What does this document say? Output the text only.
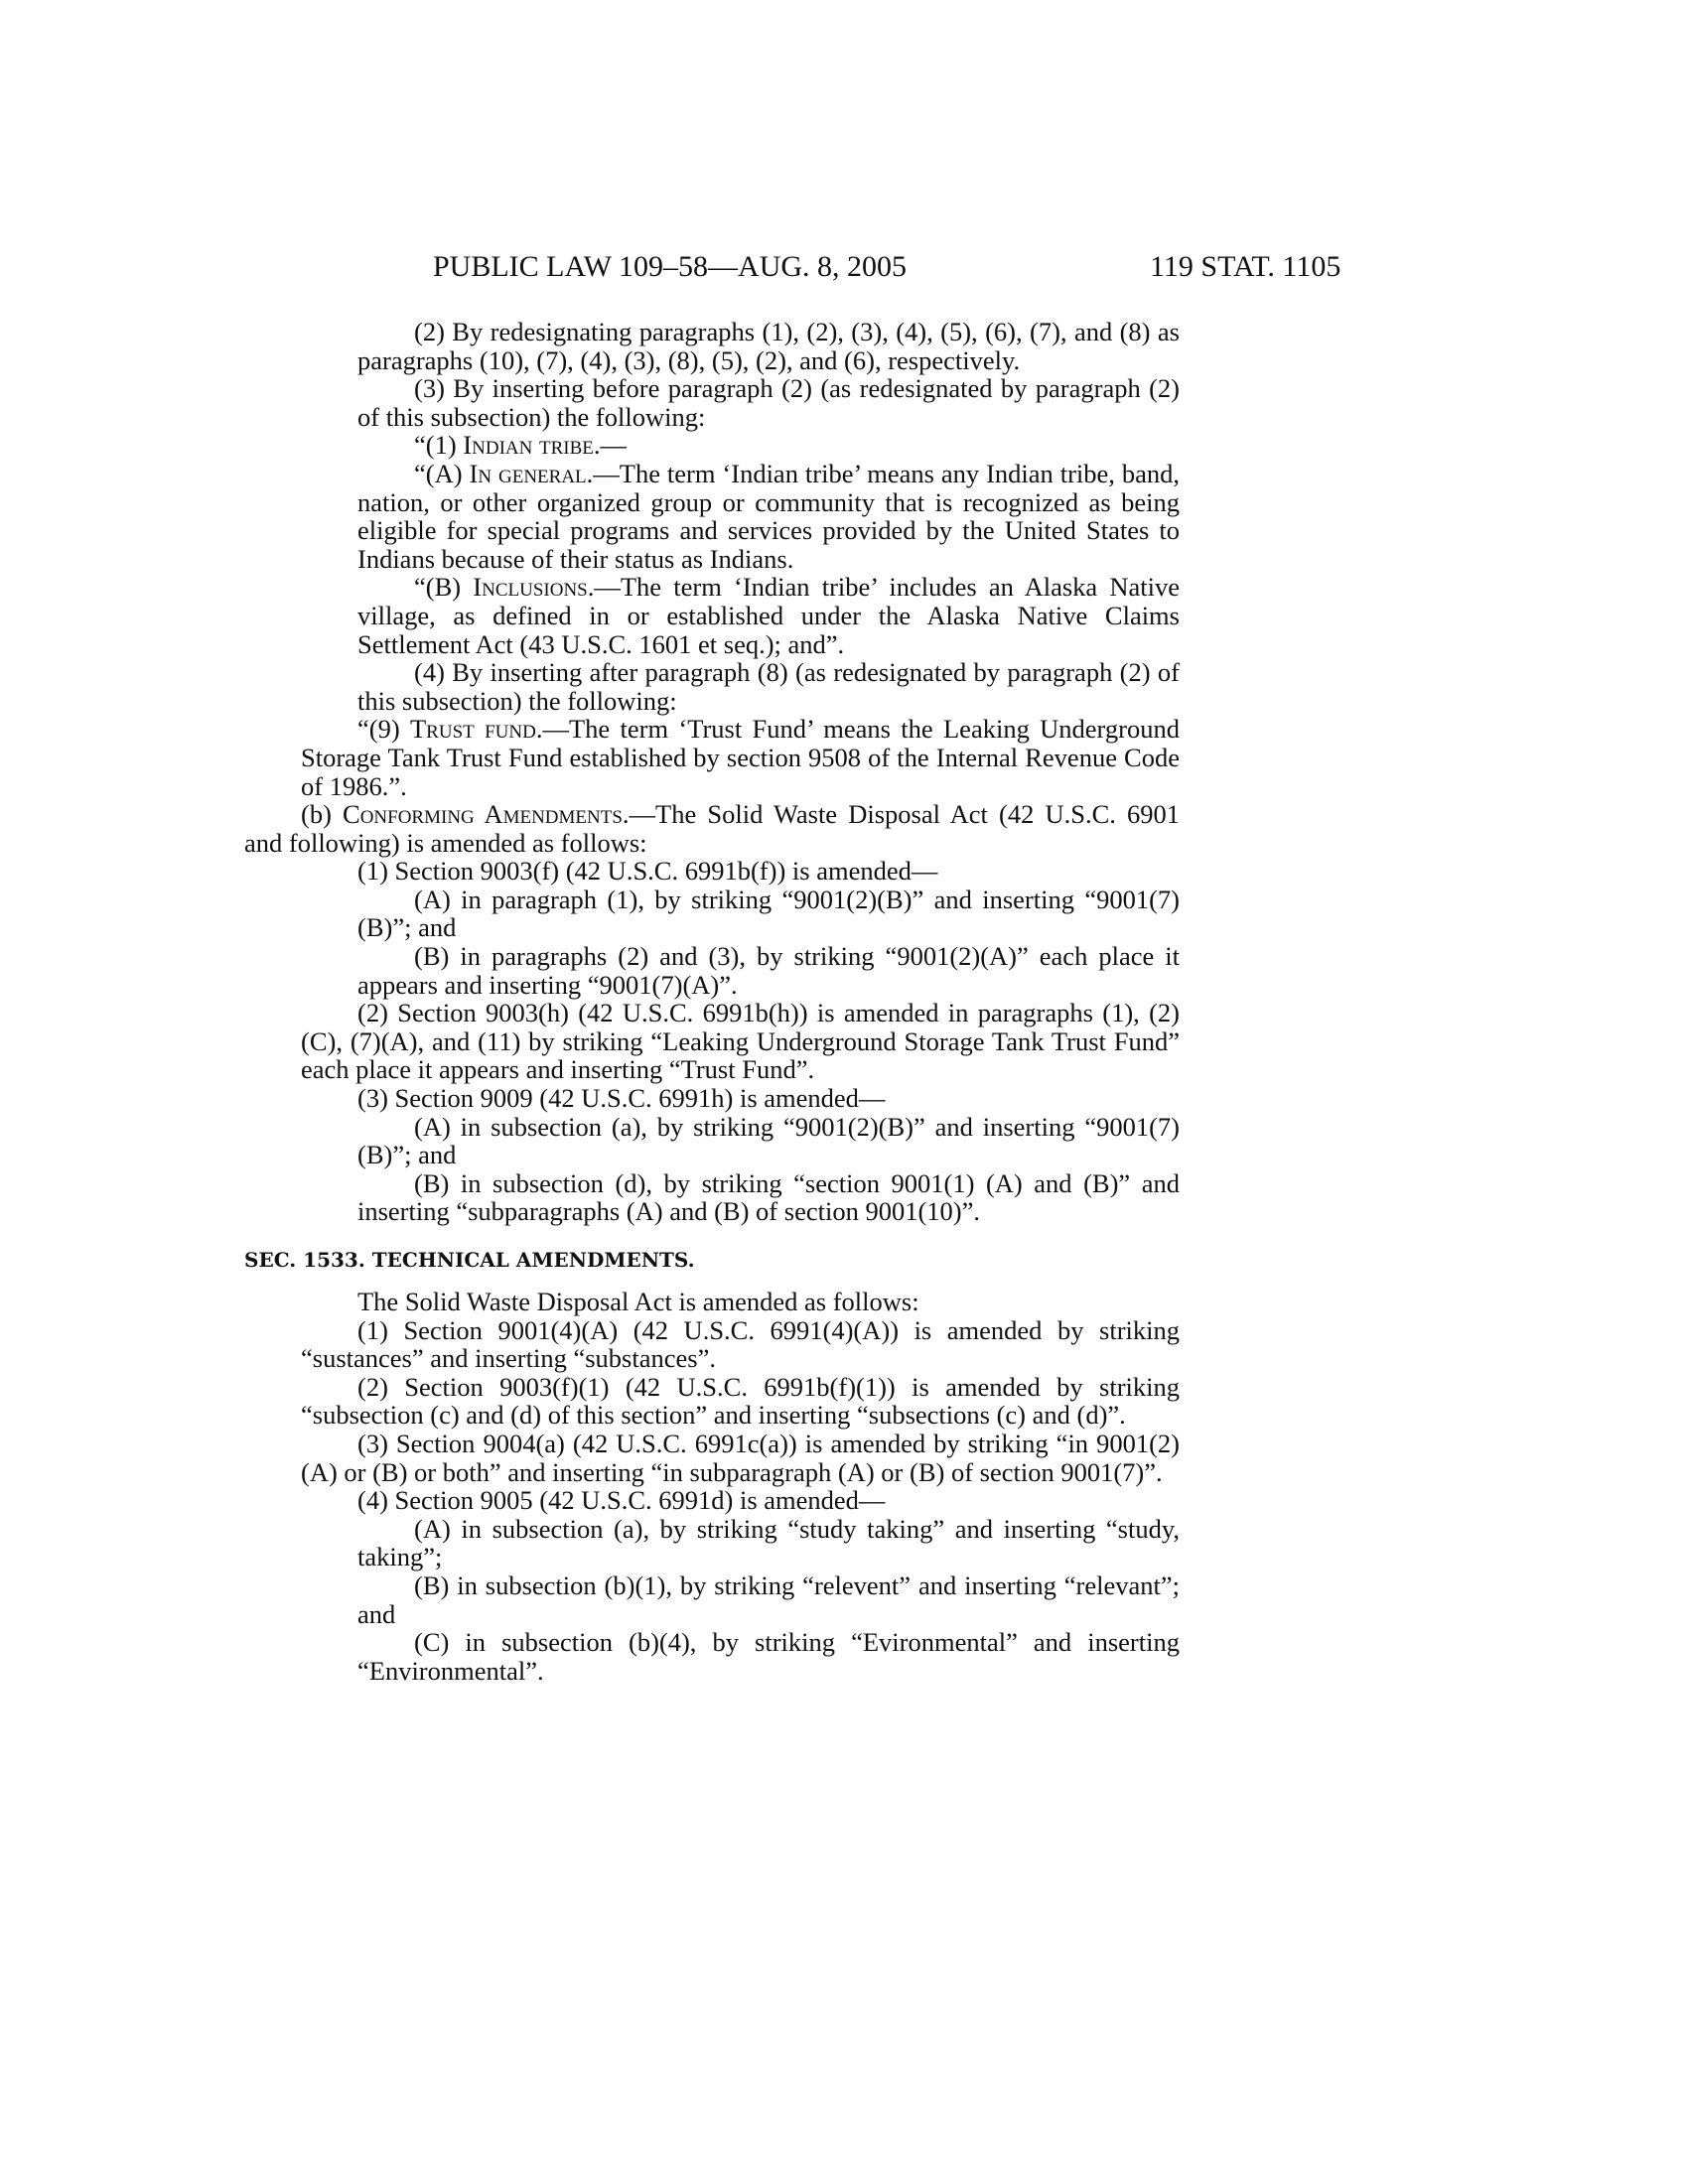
PUBLIC LAW 109–58—AUG. 8, 2005	119 STAT. 1105

(2) By redesignating paragraphs (1), (2), (3), (4), (5), (6), (7), and (8) as paragraphs (10), (7), (4), (3), (8), (5), (2), and (6), respectively.

(3) By inserting before paragraph (2) (as redesignated by paragraph (2) of this subsection) the following:

“(1) Indian tribe.—

“(A) In general.—The term ‘Indian tribe’ means any Indian tribe, band, nation, or other organized group or community that is recognized as being eligible for special programs and services provided by the United States to Indians because of their status as Indians.

“(B) Inclusions.—The term ‘Indian tribe’ includes an Alaska Native village, as defined in or established under the Alaska Native Claims Settlement Act (43 U.S.C. 1601 et seq.); and”.

(4) By inserting after paragraph (8) (as redesignated by paragraph (2) of this subsection) the following:

“(9) Trust fund.—The term ‘Trust Fund’ means the Leaking Underground Storage Tank Trust Fund established by section 9508 of the Internal Revenue Code of 1986.”.

(b) Conforming Amendments.—The Solid Waste Disposal Act (42 U.S.C. 6901 and following) is amended as follows:

(1) Section 9003(f) (42 U.S.C. 6991b(f)) is amended—

(A) in paragraph (1), by striking “9001(2)(B)” and inserting “9001(7)(B)”; and

(B) in paragraphs (2) and (3), by striking “9001(2)(A)” each place it appears and inserting “9001(7)(A)”.

(2) Section 9003(h) (42 U.S.C. 6991b(h)) is amended in paragraphs (1), (2)(C), (7)(A), and (11) by striking “Leaking Underground Storage Tank Trust Fund” each place it appears and inserting “Trust Fund”.

(3) Section 9009 (42 U.S.C. 6991h) is amended—

(A) in subsection (a), by striking “9001(2)(B)” and inserting “9001(7)(B)”; and

(B) in subsection (d), by striking “section 9001(1) (A) and (B)” and inserting “subparagraphs (A) and (B) of section 9001(10)”.

SEC. 1533. TECHNICAL AMENDMENTS.

The Solid Waste Disposal Act is amended as follows:

(1) Section 9001(4)(A) (42 U.S.C. 6991(4)(A)) is amended by striking “sustances” and inserting “substances”.

(2) Section 9003(f)(1) (42 U.S.C. 6991b(f)(1)) is amended by striking “subsection (c) and (d) of this section” and inserting “subsections (c) and (d)”.

(3) Section 9004(a) (42 U.S.C. 6991c(a)) is amended by striking “in 9001(2) (A) or (B) or both” and inserting “in subparagraph (A) or (B) of section 9001(7)”.

(4) Section 9005 (42 U.S.C. 6991d) is amended—

(A) in subsection (a), by striking “study taking” and inserting “study, taking”;

(B) in subsection (b)(1), by striking “relevent” and inserting “relevant”; and

(C) in subsection (b)(4), by striking “Evironmental” and inserting “Environmental”.
